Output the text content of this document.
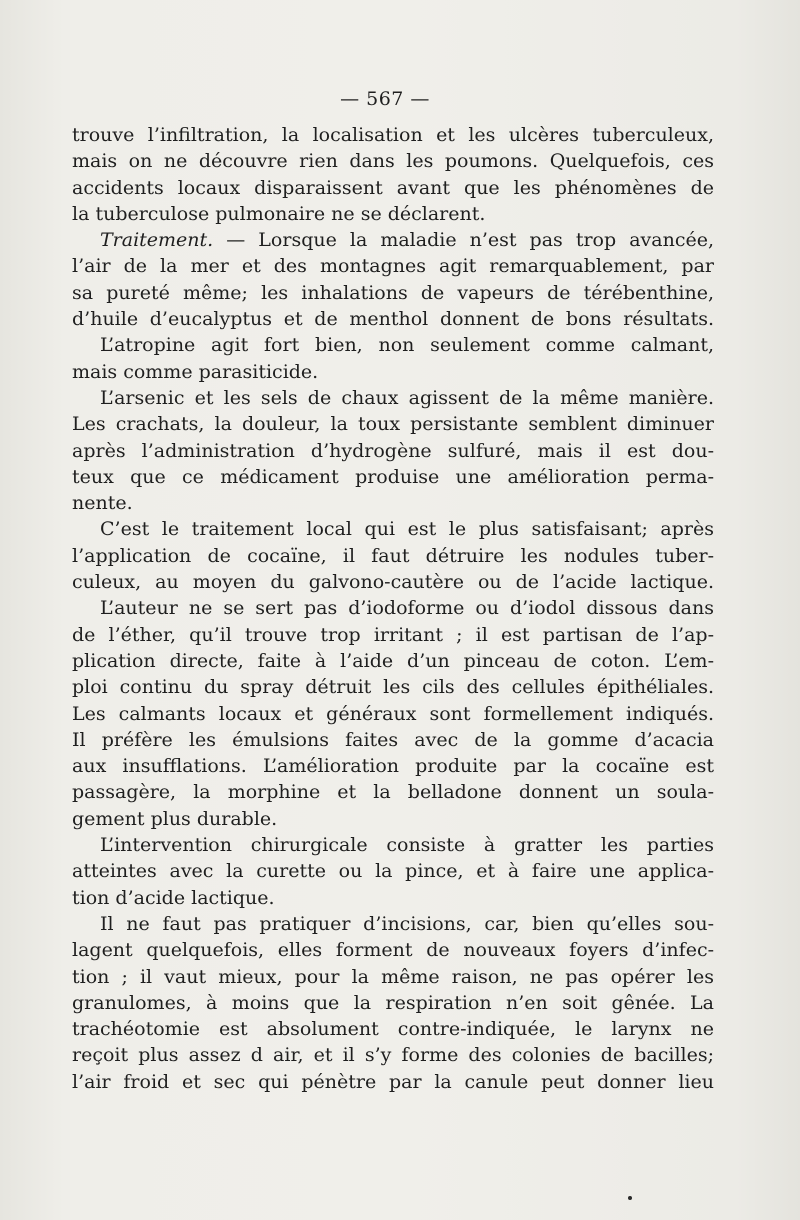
— 567 —
trouve l’infiltration, la localisation et les ulcères tuberculeux,
mais on ne découvre rien dans les poumons. Quelquefois, ces
accidents locaux disparaissent avant que les phénomènes de
la tuberculose pulmonaire ne se déclarent.
Traitement. — Lorsque la maladie n’est pas trop avancée,
l’air de la mer et des montagnes agit remarquablement, par
sa pureté même; les inhalations de vapeurs de térébenthine,
d’huile d’eucalyptus et de menthol donnent de bons résultats.
L’atropine agit fort bien, non seulement comme calmant,
mais comme parasiticide.
L’arsenic et les sels de chaux agissent de la même manière.
Les crachats, la douleur, la toux persistante semblent diminuer
après l’administration d’hydrogène sulfuré, mais il est dou-
teux que ce médicament produise une amélioration perma-
nente.
C’est le traitement local qui est le plus satisfaisant; après
l’application de cocaïne, il faut détruire les nodules tuber-
culeux, au moyen du galvono-cautère ou de l’acide lactique.
L’auteur ne se sert pas d’iodoforme ou d’iodol dissous dans
de l’éther, qu’il trouve trop irritant ; il est partisan de l’ap-
plication directe, faite à l’aide d’un pinceau de coton. L’em-
ploi continu du spray détruit les cils des cellules épithéliales.
Les calmants locaux et généraux sont formellement indiqués.
Il préfère les émulsions faites avec de la gomme d’acacia
aux insufflations. L’amélioration produite par la cocaïne est
passagère, la morphine et la belladone donnent un soula-
gement plus durable.
L’intervention chirurgicale consiste à gratter les parties
atteintes avec la curette ou la pince, et à faire une applica-
tion d’acide lactique.
Il ne faut pas pratiquer d’incisions, car, bien qu’elles sou-
lagent quelquefois, elles forment de nouveaux foyers d’infec-
tion ; il vaut mieux, pour la même raison, ne pas opérer les
granulomes, à moins que la respiration n’en soit gênée. La
trachéotomie est absolument contre-indiquée, le larynx ne
reçoit plus assez d air, et il s’y forme des colonies de bacilles;
l’air froid et sec qui pénètre par la canule peut donner lieu
